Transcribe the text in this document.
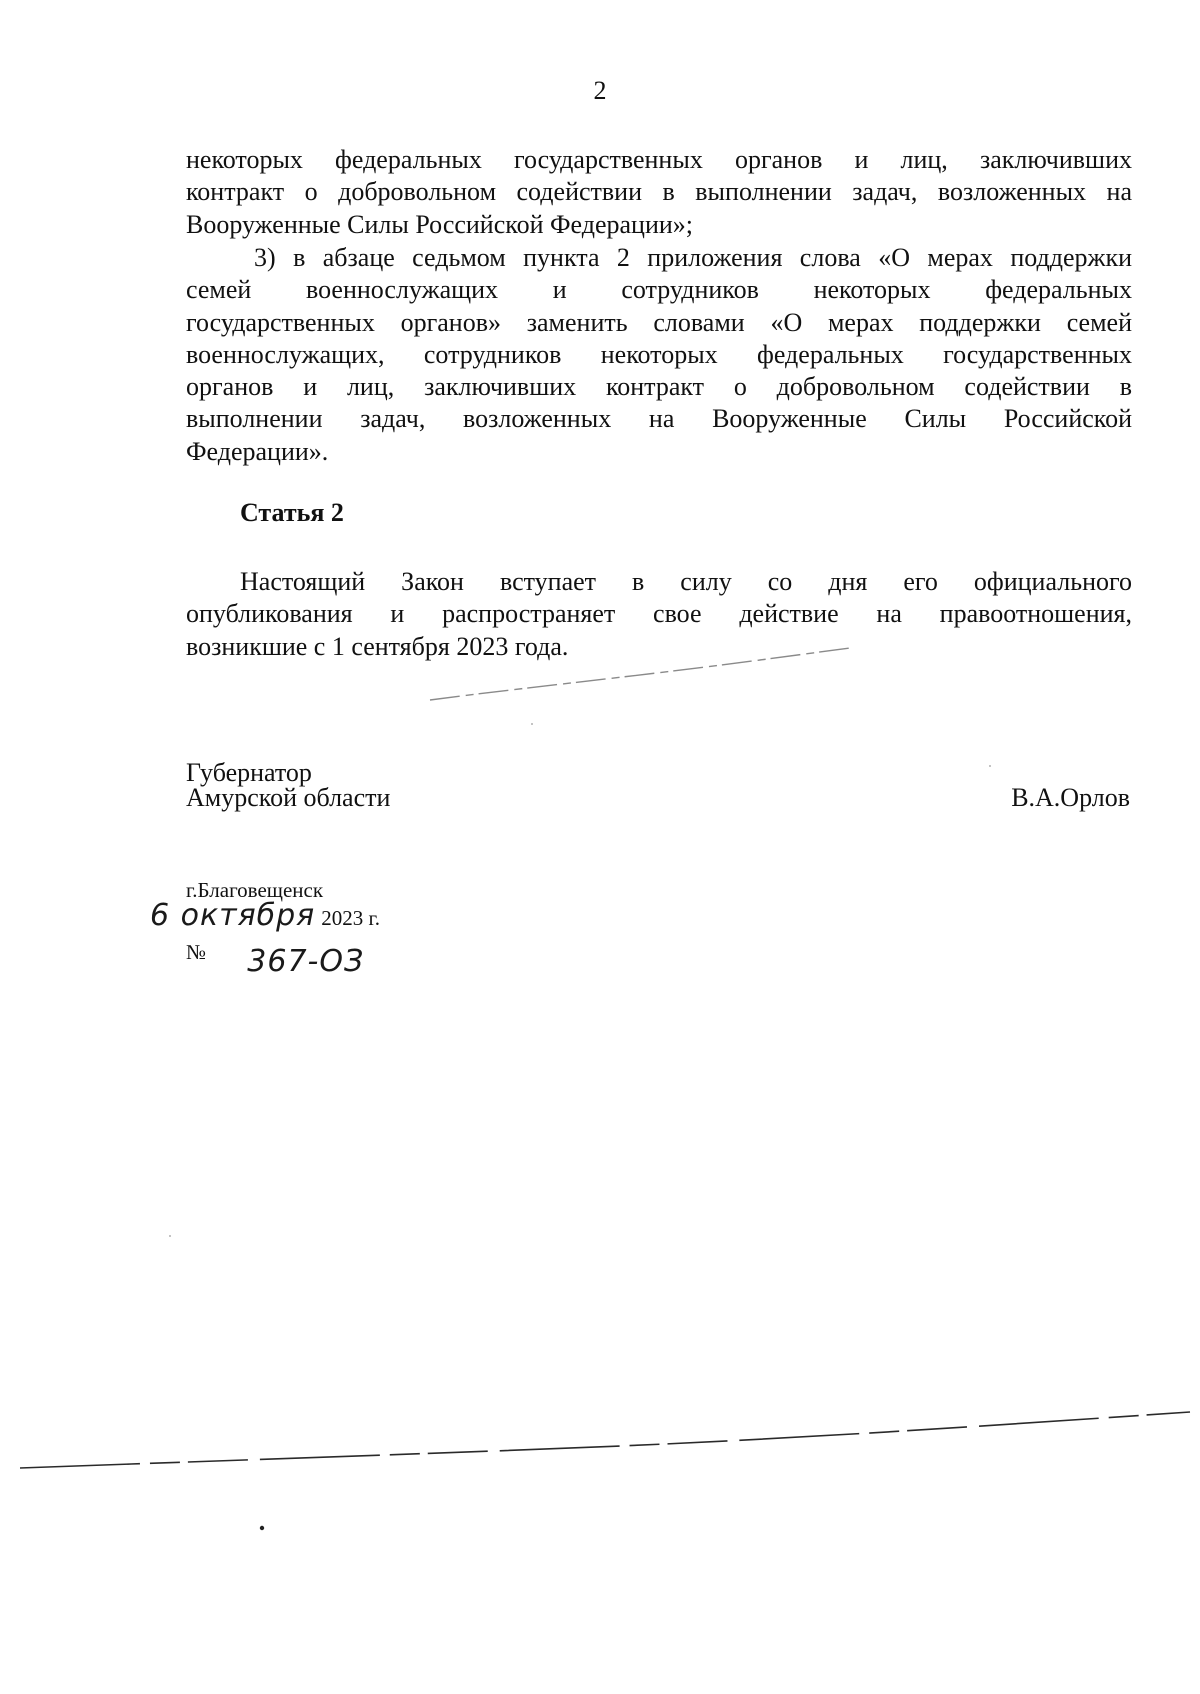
2
некоторых федеральных государственных органов и лиц, заключивших
контракт о добровольном содействии в выполнении задач, возложенных на
Вооруженные Силы Российской Федерации»;
3) в абзаце седьмом пункта 2 приложения слова «О мерах поддержки
семей военнослужащих и сотрудников некоторых федеральных
государственных органов» заменить словами «О мерах поддержки семей
военнослужащих, сотрудников некоторых федеральных государственных
органов и лиц, заключивших контракт о добровольном содействии в
выполнении задач, возложенных на Вооруженные Силы Российской
Федерации».
Статья 2
Настоящий Закон вступает в силу со дня его официального
опубликования и распространяет свое действие на правоотношения,
возникшие с 1 сентября 2023 года.
Губернатор
Амурской области	В.А.Орлов
г.Благовещенск
6 октября 2023 г.
№ 367-ОЗ
